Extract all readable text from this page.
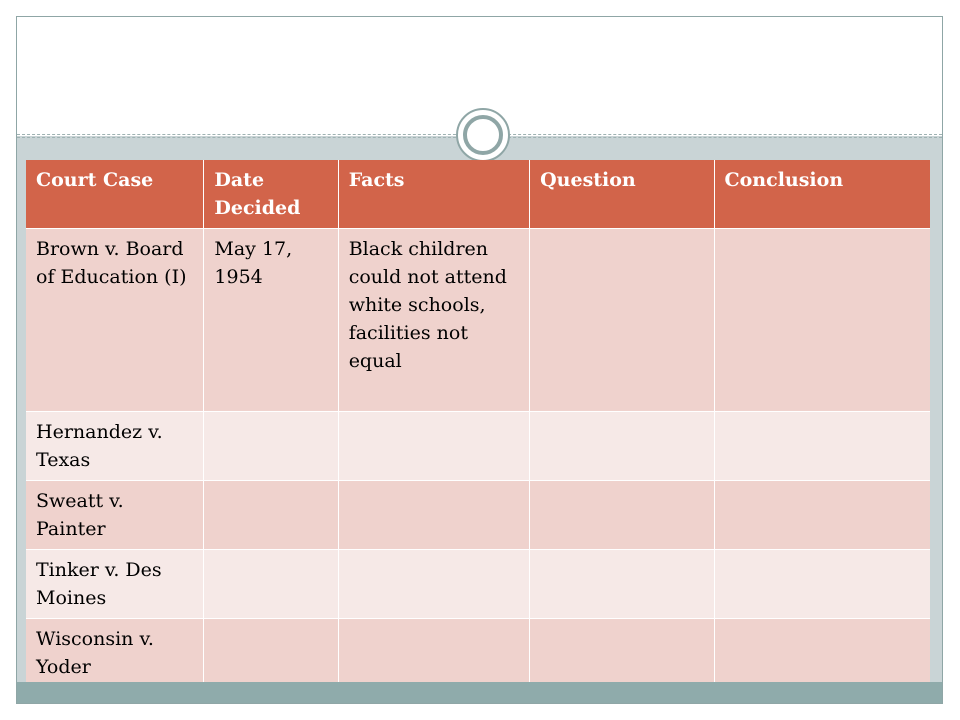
Court Case	Date Decided	Facts	Question	Conclusion
Brown v. Board of Education (I)	May 17, 1954	Black children could not attend white schools, facilities not equal		
Hernandez v. Texas				
Sweatt v. Painter				
Tinker v. Des Moines				
Wisconsin v. Yoder				
